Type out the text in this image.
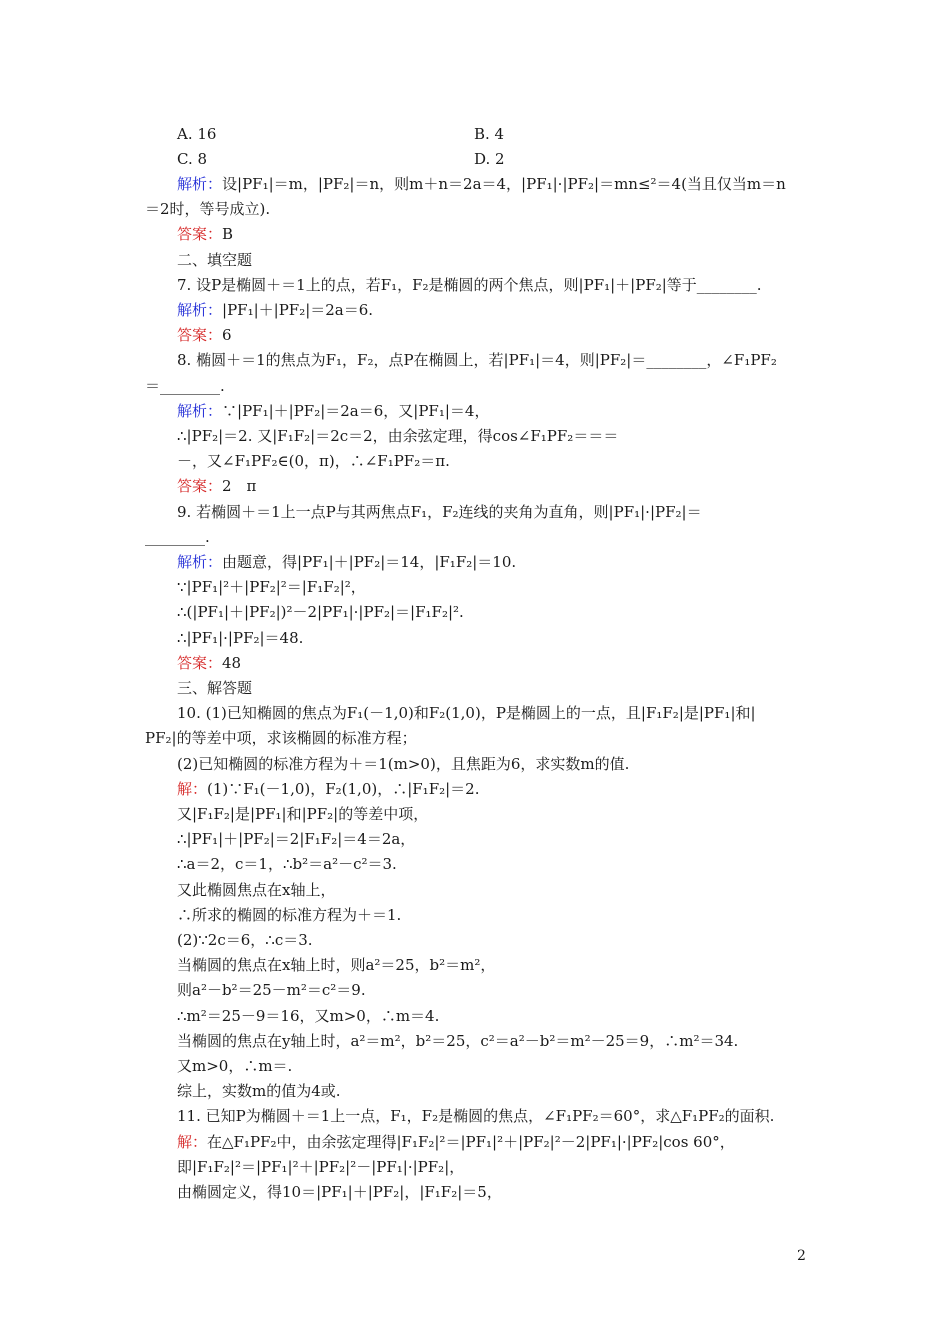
A. 16	B. 4
C. 8	D. 2
解析：设|PF₁|＝m，|PF₂|＝n，则m＋n＝2a＝4，|PF₁|·|PF₂|＝mn≤²＝4(当且仅当m＝n
＝2时，等号成立).
答案：B
二、填空题
7. 设P是椭圆＋＝1上的点，若F₁，F₂是椭圆的两个焦点，则|PF₁|＋|PF₂|等于________.
解析：|PF₁|＋|PF₂|＝2a＝6.
答案：6
8. 椭圆＋＝1的焦点为F₁，F₂，点P在椭圆上，若|PF₁|＝4，则|PF₂|＝________，∠F₁PF₂
＝________.
解析：∵|PF₁|＋|PF₂|＝2a＝6，又|PF₁|＝4，
∴|PF₂|＝2. 又|F₁F₂|＝2c＝2，由余弦定理，得cos∠F₁PF₂＝＝＝
－，又∠F₁PF₂∈(0，π)，∴∠F₁PF₂＝π.
答案：2　π
9. 若椭圆＋＝1上一点P与其两焦点F₁，F₂连线的夹角为直角，则|PF₁|·|PF₂|＝
________.
解析：由题意，得|PF₁|＋|PF₂|＝14，|F₁F₂|＝10.
∵|PF₁|²＋|PF₂|²＝|F₁F₂|²，
∴(|PF₁|＋|PF₂|)²－2|PF₁|·|PF₂|＝|F₁F₂|².
∴|PF₁|·|PF₂|＝48.
答案：48
三、解答题
10. (1)已知椭圆的焦点为F₁(－1,0)和F₂(1,0)，P是椭圆上的一点，且|F₁F₂|是|PF₁|和|
PF₂|的等差中项，求该椭圆的标准方程；
(2)已知椭圆的标准方程为＋＝1(m>0)，且焦距为6，求实数m的值.
解：(1)∵F₁(－1,0)，F₂(1,0)，∴|F₁F₂|＝2.
又|F₁F₂|是|PF₁|和|PF₂|的等差中项，
∴|PF₁|＋|PF₂|＝2|F₁F₂|＝4＝2a，
∴a＝2，c＝1，∴b²＝a²－c²＝3.
又此椭圆焦点在x轴上，
∴所求的椭圆的标准方程为＋＝1.
(2)∵2c＝6，∴c＝3.
当椭圆的焦点在x轴上时，则a²＝25，b²＝m²，
则a²－b²＝25－m²＝c²＝9.
∴m²＝25－9＝16，又m>0，∴m＝4.
当椭圆的焦点在y轴上时，a²＝m²，b²＝25，c²＝a²－b²＝m²－25＝9，∴m²＝34.
又m>0，∴m＝.
综上，实数m的值为4或.
11. 已知P为椭圆＋＝1上一点，F₁，F₂是椭圆的焦点，∠F₁PF₂＝60°，求△F₁PF₂的面积.
解：在△F₁PF₂中，由余弦定理得|F₁F₂|²＝|PF₁|²＋|PF₂|²－2|PF₁|·|PF₂|cos 60°，
即|F₁F₂|²＝|PF₁|²＋|PF₂|²－|PF₁|·|PF₂|，
由椭圆定义，得10＝|PF₁|＋|PF₂|，|F₁F₂|＝5，
2
